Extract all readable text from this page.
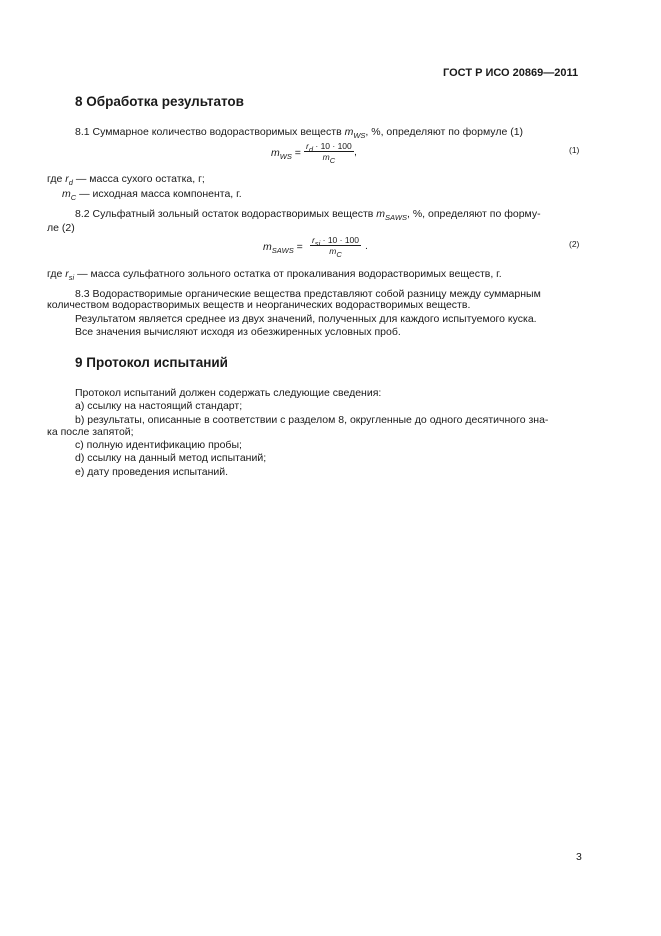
ГОСТ Р ИСО 20869—2011
8 Обработка результатов
8.1 Суммарное количество водорастворимых веществ $m_{WS}$, %, определяют по формуле (1)
$m_{WS}$ =
$r_d \cdot 10 \cdot 100$
$m_C$
,	(1)
где $r_d$ — масса сухого остатка, г;
$m_C$ — исходная масса компонента, г.
8.2 Сульфатный зольный остаток водорастворимых веществ $m_{SAWS}$, %, определяют по форму-
ле (2)
$m_{SAWS}$ =
$r_{si} \cdot 10 \cdot 100$
$m_C$
.	(2)
где $r_{si}$ — масса сульфатного зольного остатка от прокаливания водорастворимых веществ, г.
8.3 Водорастворимые органические вещества представляют собой разницу между суммарным
количеством водорастворимых веществ и неорганических водорастворимых веществ.
Результатом является среднее из двух значений, полученных для каждого испытуемого куска.
Все значения вычисляют исходя из обезжиренных условных проб.
9 Протокол испытаний
Протокол испытаний должен содержать следующие сведения:
a) ссылку на настоящий стандарт;
b) результаты, описанные в соответствии с разделом 8, округленные до одного десятичного зна-
ка после запятой;
c) полную идентификацию пробы;
d) ссылку на данный метод испытаний;
e) дату проведения испытаний.
3
